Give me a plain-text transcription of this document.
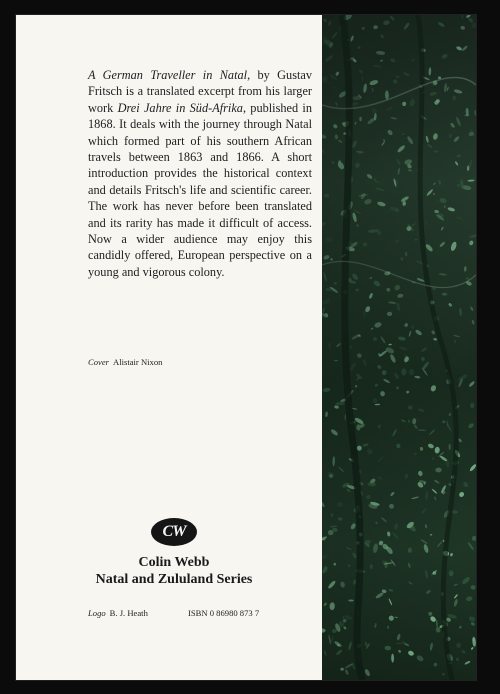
A German Traveller in Natal, by Gustav Fritsch is a translated excerpt from his larger work Drei Jahre in Süd-Afrika, published in 1868. It deals with the journey through Natal which formed part of his southern African travels between 1863 and 1866. A short introduction provides the historical context and details Fritsch's life and scientific career. The work has never before been translated and its rarity has made it difficult of access. Now a wider audience may enjoy this candidly offered, European perspective on a young and vigorous colony.

Cover Alistair Nixon
CW
Colin Webb
Natal and Zululand Series
Logo B. J. Heath	ISBN 0 86980 873 7
